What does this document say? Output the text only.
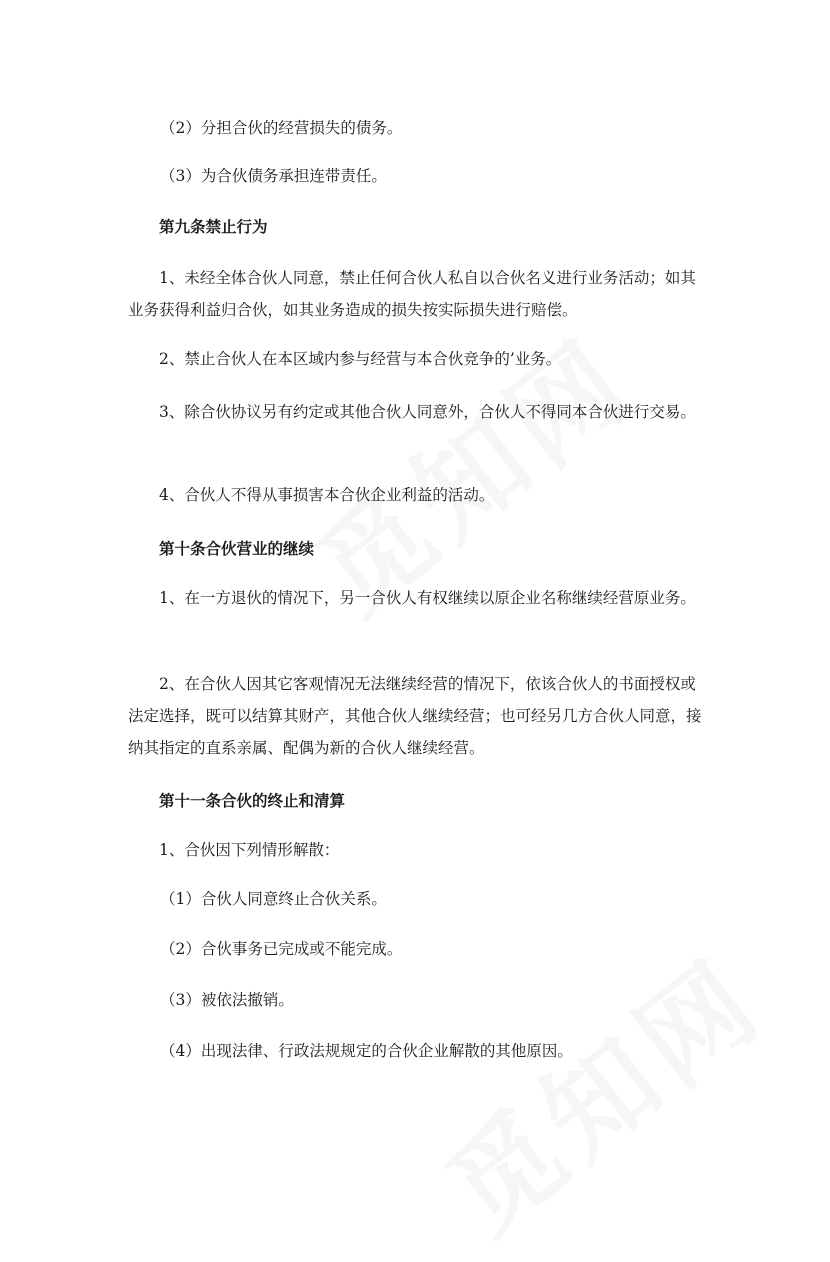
（2）分担合伙的经营损失的债务。
（3）为合伙债务承担连带责任。
第九条禁止行为
1、未经全体合伙人同意，禁止任何合伙人私自以合伙名义进行业务活动；如其业务获得利益归合伙，如其业务造成的损失按实际损失进行赔偿。
2、禁止合伙人在本区域内参与经营与本合伙竞争的’业务。
3、除合伙协议另有约定或其他合伙人同意外，合伙人不得同本合伙进行交易。
4、合伙人不得从事损害本合伙企业利益的活动。
第十条合伙营业的继续
1、在一方退伙的情况下，另一合伙人有权继续以原企业名称继续经营原业务。
2、在合伙人因其它客观情况无法继续经营的情况下，依该合伙人的书面授权或法定选择，既可以结算其财产，其他合伙人继续经营；也可经另几方合伙人同意，接纳其指定的直系亲属、配偶为新的合伙人继续经营。
第十一条合伙的终止和清算
1、合伙因下列情形解散：
（1）合伙人同意终止合伙关系。
（2）合伙事务已完成或不能完成。
（3）被依法撤销。
（4）出现法律、行政法规规定的合伙企业解散的其他原因。
